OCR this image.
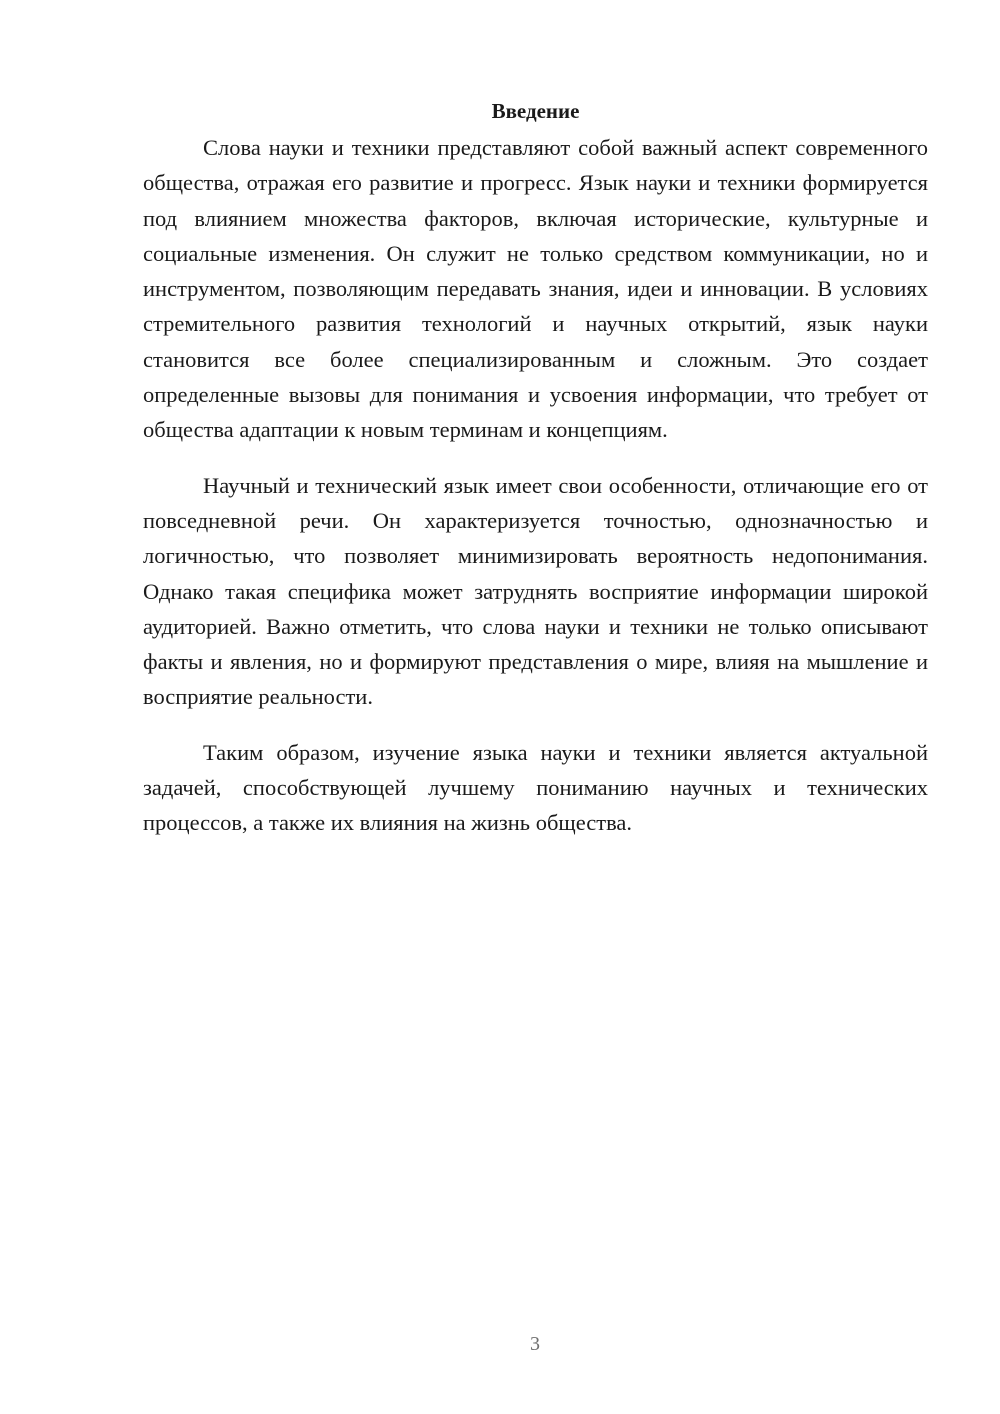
Введение

Слова науки и техники представляют собой важный аспект современного общества, отражая его развитие и прогресс. Язык науки и техники формируется под влиянием множества факторов, включая исторические, культурные и социальные изменения. Он служит не только средством коммуникации, но и инструментом, позволяющим передавать знания, идеи и инновации. В условиях стремительного развития технологий и научных открытий, язык науки становится все более специализированным и сложным. Это создает определенные вызовы для понимания и усвоения информации, что требует от общества адаптации к новым терминам и концепциям.

Научный и технический язык имеет свои особенности, отличающие его от повседневной речи. Он характеризуется точностью, однозначностью и логичностью, что позволяет минимизировать вероятность недопонимания. Однако такая специфика может затруднять восприятие информации широкой аудиторией. Важно отметить, что слова науки и техники не только описывают факты и явления, но и формируют представления о мире, влияя на мышление и восприятие реальности.

Таким образом, изучение языка науки и техники является актуальной задачей, способствующей лучшему пониманию научных и технических процессов, а также их влияния на жизнь общества.

3
